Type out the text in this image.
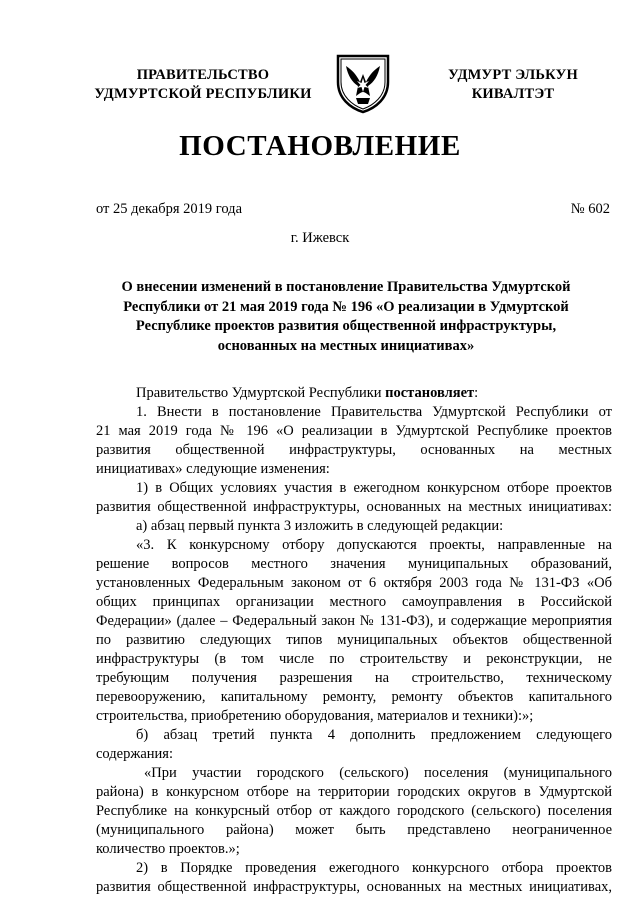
ПРАВИТЕЛЬСТВО
УДМУРТСКОЙ РЕСПУБЛИКИ
УДМУРТ ЭЛЬКУН
КИВАЛТЭТ
ПОСТАНОВЛЕНИЕ
от 25 декабря 2019 года	№ 602
г. Ижевск
О внесении изменений в постановление Правительства Удмуртской
Республики от 21 мая 2019 года № 196 «О реализации в Удмуртской
Республике проектов развития общественной инфраструктуры,
основанных на местных инициативах»

Правительство Удмуртской Республики постановляет:

1. Внести в постановление Правительства Удмуртской Республики от

21 мая 2019 года № 196 «О реализации в Удмуртской Республике проектов

развития общественной инфраструктуры, основанных на местных

инициативах» следующие изменения:

1) в Общих условиях участия в ежегодном конкурсном отборе проектов

развития общественной инфраструктуры, основанных на местных инициативах:

а) абзац первый пункта 3 изложить в следующей редакции:

«3. К конкурсному отбору допускаются проекты, направленные на

решение вопросов местного значения муниципальных образований,

установленных Федеральным законом от 6 октября 2003 года № 131-ФЗ «Об

общих принципах организации местного самоуправления в Российской

Федерации» (далее – Федеральный закон № 131-ФЗ), и содержащие мероприятия

по развитию следующих типов муниципальных объектов общественной

инфраструктуры (в том числе по строительству и реконструкции, не

требующим получения разрешения на строительство, техническому

перевооружению, капитальному ремонту, ремонту объектов капитального

строительства, приобретению оборудования, материалов и техники):»;

б) абзац третий пункта 4 дополнить предложением следующего

содержания:

«При участии городского (сельского) поселения (муниципального

района) в конкурсном отборе на территории городских округов в Удмуртской

Республике на конкурсный отбор от каждого городского (сельского) поселения

(муниципального района) может быть представлено неограниченное

количество проектов.»;

2) в Порядке проведения ежегодного конкурсного отбора проектов

развития общественной инфраструктуры, основанных на местных инициативах,
